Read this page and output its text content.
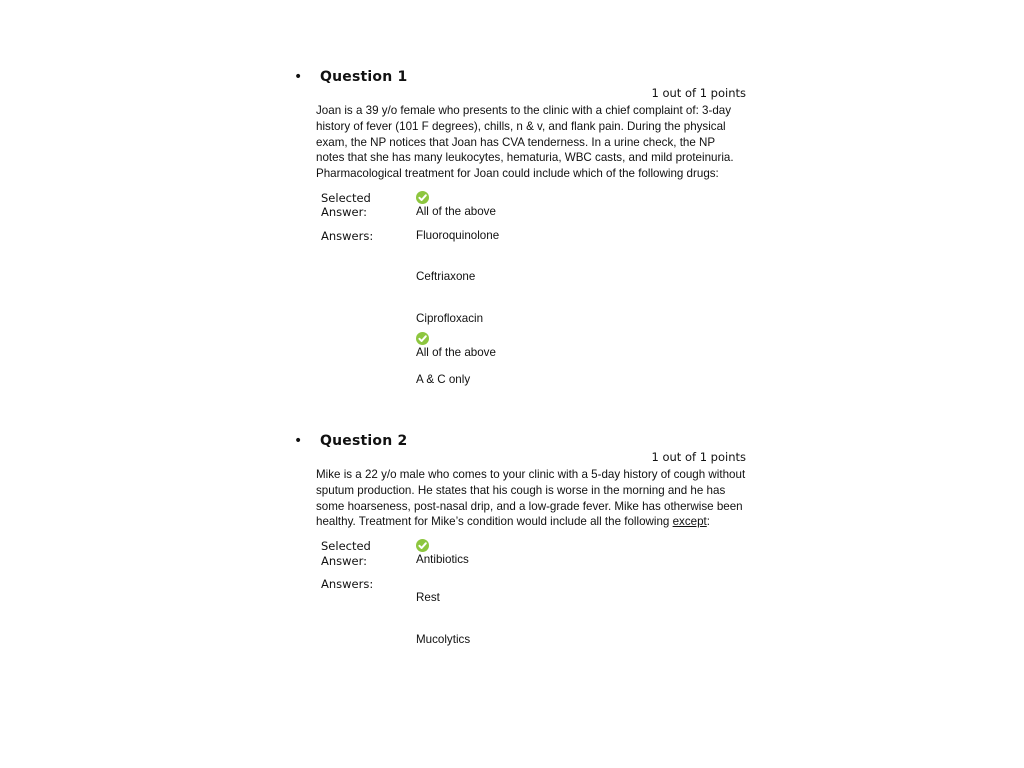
• Question 1
1 out of 1 points
Joan is a 39 y/o female who presents to the clinic with a chief complaint of: 3-day history of fever (101 F degrees), chills, n & v, and flank pain. During the physical exam, the NP notices that Joan has CVA tenderness. In a urine check, the NP notes that she has many leukocytes, hematuria, WBC casts, and mild proteinuria. Pharmacological treatment for Joan could include which of the following drugs:
Selected
Answer:	All of the above
Answers:	Fluoroquinolone
Ceftriaxone
Ciprofloxacin
All of the above
A & C only
• Question 2
1 out of 1 points
Mike is a 22 y/o male who comes to your clinic with a 5-day history of cough without sputum production. He states that his cough is worse in the morning and he has some hoarseness, post-nasal drip, and a low-grade fever. Mike has otherwise been healthy. Treatment for Mike’s condition would include all the following except:
Selected
Answer:	Antibiotics
Answers:
Rest
Mucolytics
